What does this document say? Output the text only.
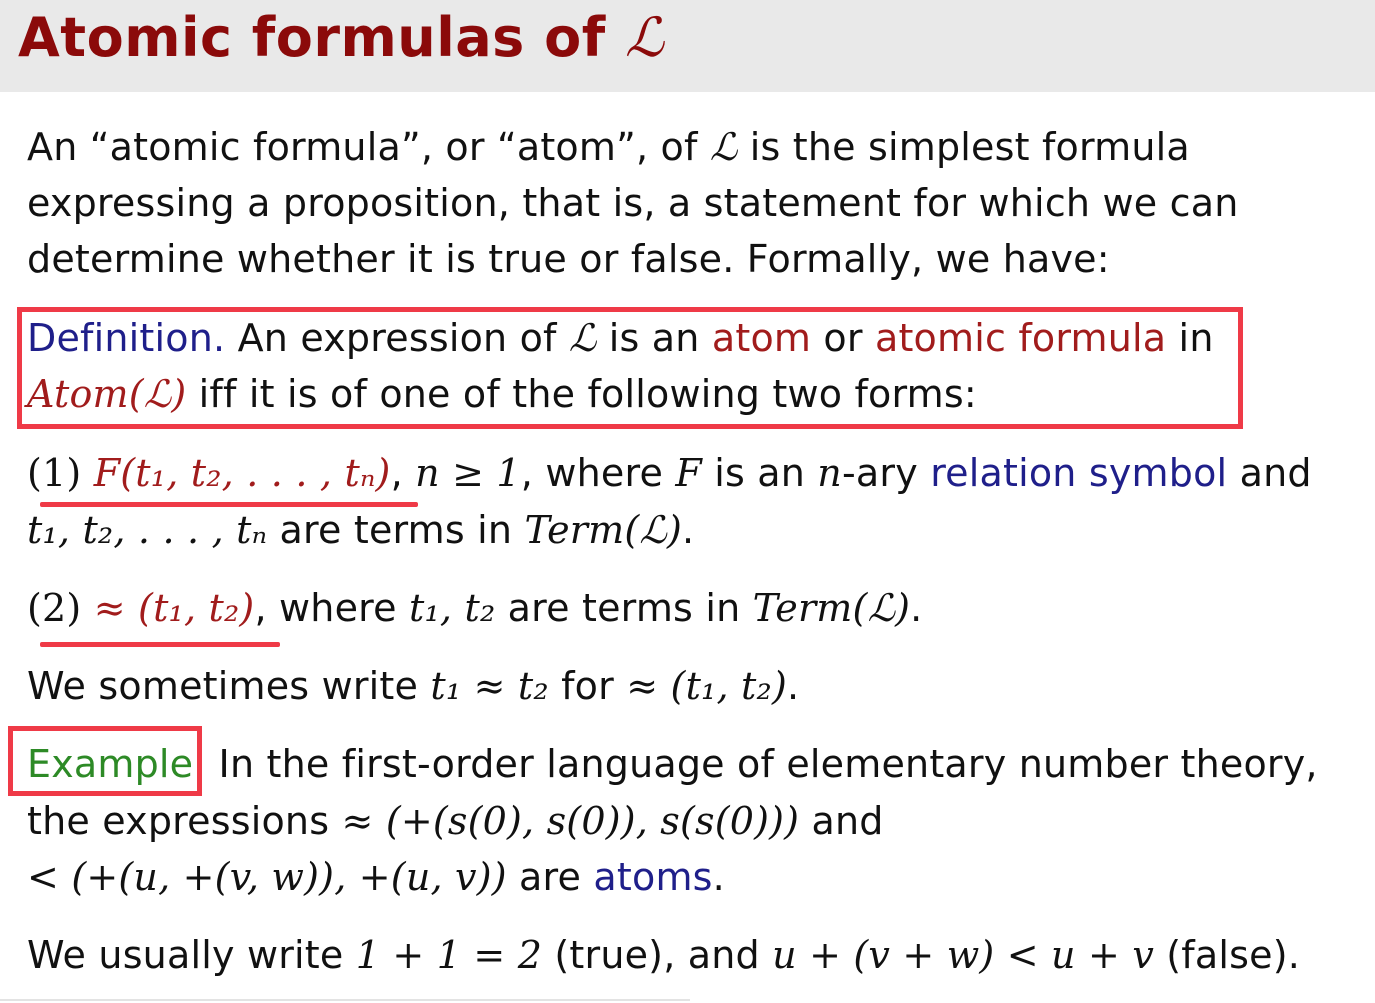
Atomic formulas of ℒ
An “atomic formula”, or “atom”, of ℒ is the simplest formula
expressing a proposition, that is, a statement for which we can
determine whether it is true or false. Formally, we have:
Definition. An expression of ℒ is an atom or atomic formula in
Atom(ℒ) iff it is of one of the following two forms:
(1) F(t₁, t₂, . . . , tₙ), n ≥ 1, where F is an n-ary relation symbol and
t₁, t₂, . . . , tₙ are terms in Term(ℒ).
(2) ≈ (t₁, t₂), where t₁, t₂ are terms in Term(ℒ).
We sometimes write t₁ ≈ t₂ for ≈ (t₁, t₂).
Example: In the first-order language of elementary number theory,
the expressions ≈ (+(s(0), s(0)), s(s(0))) and
< (+(u, +(v, w)), +(u, v)) are atoms.
We usually write 1 + 1 = 2 (true), and u + (v + w) < u + v (false).
